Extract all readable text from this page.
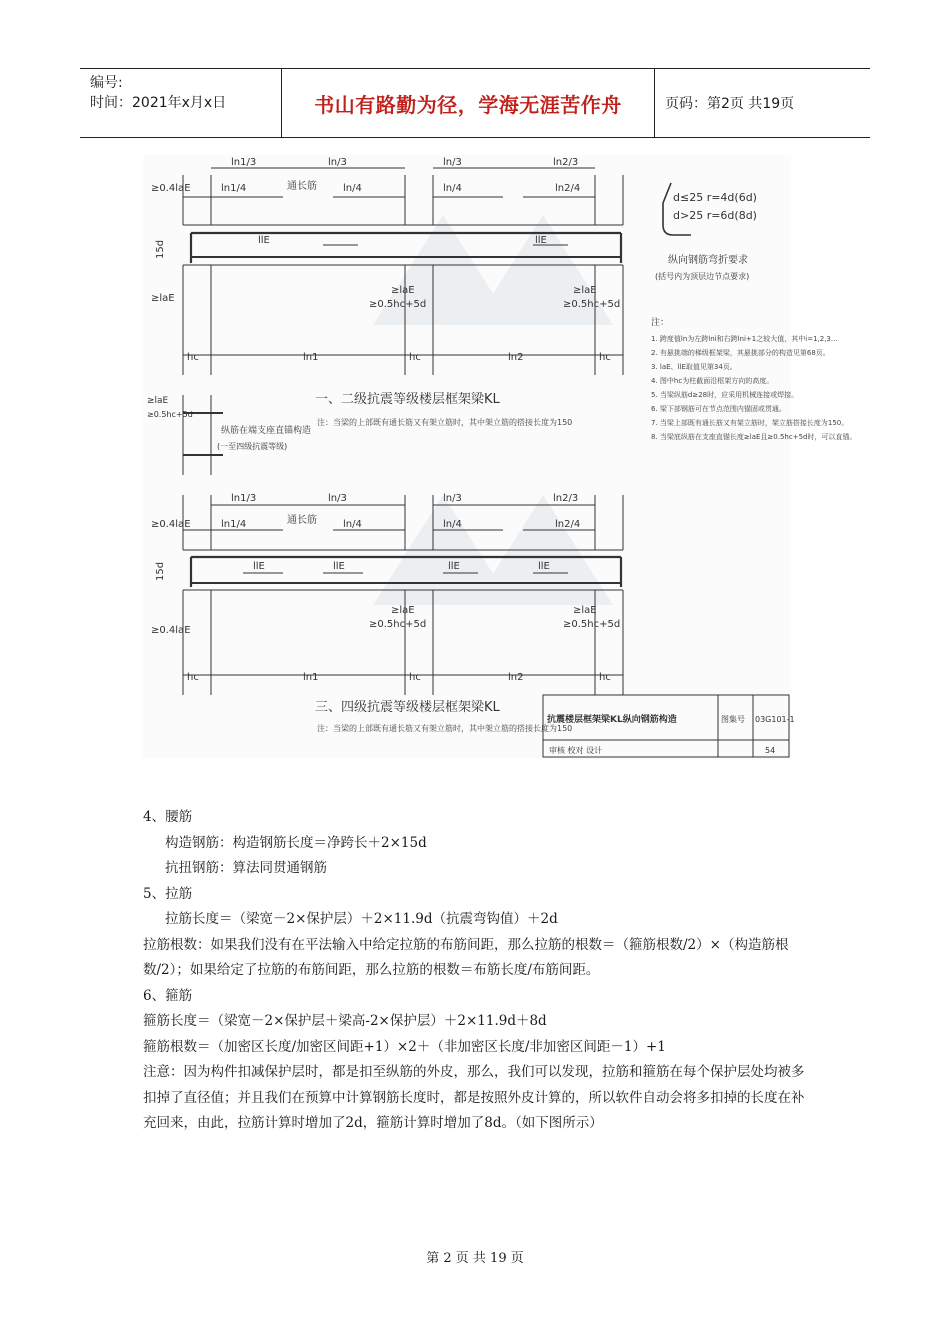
编号:
时间：2021年x月x日	书山有路勤为径，学海无涯苦作舟	页码：第2页 共19页
ln1/3	ln/3	ln/3	ln2/3
≥0.4laE	ln1/4	通长筋	ln/4	ln/4	ln2/4
llE	llE
15d
≥laE
≥laE	≥laE
≥0.5hc+5d	≥0.5hc+5d
hc	hc	hc
ln1	ln2
一、二级抗震等级楼层框架梁KL
注：当梁的上部既有通长筋又有架立筋时，其中架立筋的搭接长度为150
d≤25 r=4d(6d)
d>25 r=6d(8d)
纵向钢筋弯折要求
(括号内为顶层边节点要求)
≥laE
≥0.5hc+5d
纵筋在端支座直锚构造
(一至四级抗震等级)
注：
1. 跨度值ln为左跨lni和右跨lni+1之较大值，其中i=1,2,3...
2. 有悬挑端的梯级框架梁，其悬挑部分的构造见第68页。
3. laE、llE取值见第34页。
4. 图中hc为柱截面沿框架方向的高度。
5. 当梁纵筋d≥28时，应采用机械连接或焊接。
6. 梁下部钢筋可在节点范围内锚固或贯通。
7. 当梁上部既有通长筋又有架立筋时，架立筋搭接长度为150。
8. 当梁底纵筋在支座直锚长度≥laE且≥0.5hc+5d时，可以直锚。
ln1/3	ln/3	ln/3	ln2/3
≥0.4laE	ln1/4	通长筋	ln/4	ln/4	ln2/4
llE	llE	llE	llE
15d
≥0.4laE
≥laE	≥laE
≥0.5hc+5d	≥0.5hc+5d
hc	hc	hc
ln1	ln2
三、四级抗震等级楼层框架梁KL
注：当梁的上部既有通长筋又有架立筋时，其中架立筋的搭接长度为150
抗震楼层框架梁KL纵向钢筋构造	图集号 03G101-1
审核 校对 设计	54

4、腰筋

构造钢筋：构造钢筋长度＝净跨长＋2×15d

抗扭钢筋：算法同贯通钢筋

5、拉筋

拉筋长度＝（梁宽－2×保护层）＋2×11.9d（抗震弯钩值）＋2d

拉筋根数：如果我们没有在平法输入中给定拉筋的布筋间距，那么拉筋的根数＝（箍筋根数/2）×（构造筋根数/2）；如果给定了拉筋的布筋间距，那么拉筋的根数＝布筋长度/布筋间距。

6、箍筋

箍筋长度＝（梁宽－2×保护层＋梁高-2×保护层）＋2×11.9d＋8d

箍筋根数＝（加密区长度/加密区间距+1）×2＋（非加密区长度/非加密区间距－1）+1

注意：因为构件扣减保护层时，都是扣至纵筋的外皮，那么，我们可以发现，拉筋和箍筋在每个保护层处均被多扣掉了直径值；并且我们在预算中计算钢筋长度时，都是按照外皮计算的，所以软件自动会将多扣掉的长度在补充回来，由此，拉筋计算时增加了2d，箍筋计算时增加了8d。（如下图所示）

第 2 页 共 19 页
